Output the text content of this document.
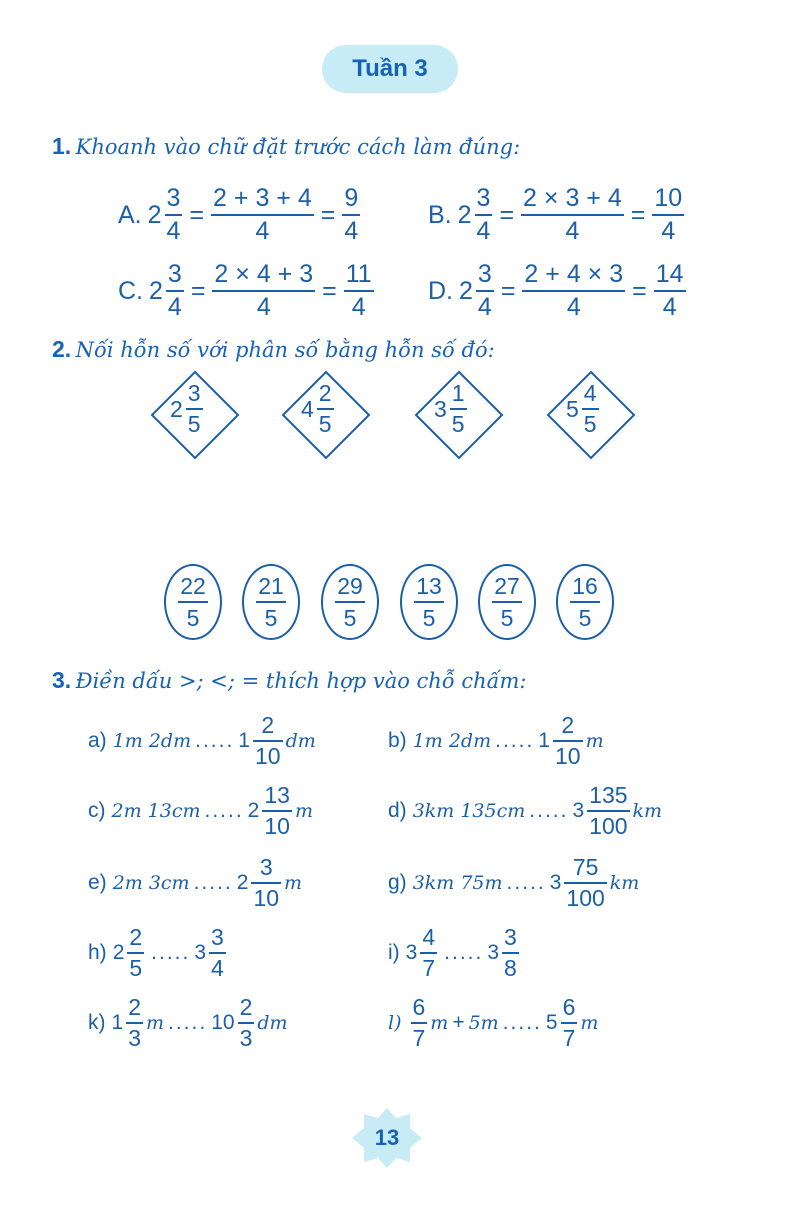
Tuần 3
1. Khoanh vào chữ đặt trước cách làm đúng:
A. $2 \frac{3}{4} = \frac{2 + 3 + 4}{4} = \frac{9}{4}$	B. $2 \frac{3}{4} = \frac{2 \times 3 + 4}{4} = \frac{10}{4}$
C. $2 \frac{3}{4} = \frac{2 \times 4 + 3}{4} = \frac{11}{4} D$. $2 \frac{3}{4} = \frac{2 + 4 \times 3}{4} = \frac{14}{4}$
2. Nối hỗn số với phân số bằng hỗn số đó:
$2 \frac{3}{5}$	$4 \frac{2}{5}$	$3 \frac{1}{5}$	$5 \frac{4}{5}$
$\frac{22}{5} \frac{21}{5} \frac{29}{5} \frac{13}{5} \frac{27}{5} \frac{16}{5}$
3. Điền dấu >; <; = thích hợp vào chỗ chấm:
a) 1m 2dm ..... $1 \frac{2}{10}$ dm	b) 1m 2dm ..... $1 \frac{2}{10}$ m
c) 2m 13cm ..... $2 \frac{13}{10}$ m	d) 3km 135cm ..... $3 \frac{135}{100}$ km
e) 2m 3cm ..... $2 \frac{3}{10}$ m	g) 3km 75m ..... $3 \frac{75}{100}$ km
h) $2 \frac{2}{5}$ ..... $3 \frac{3}{4}$	i) $3 \frac{4}{7}$ ..... $3 \frac{3}{8}$
k) $1 \frac{2}{3}$ m ..... $10 \frac{2}{3}$ dm	$l) \frac{6}{7}$ m + 5m ..... $5 \frac{6}{7}$ m
13
